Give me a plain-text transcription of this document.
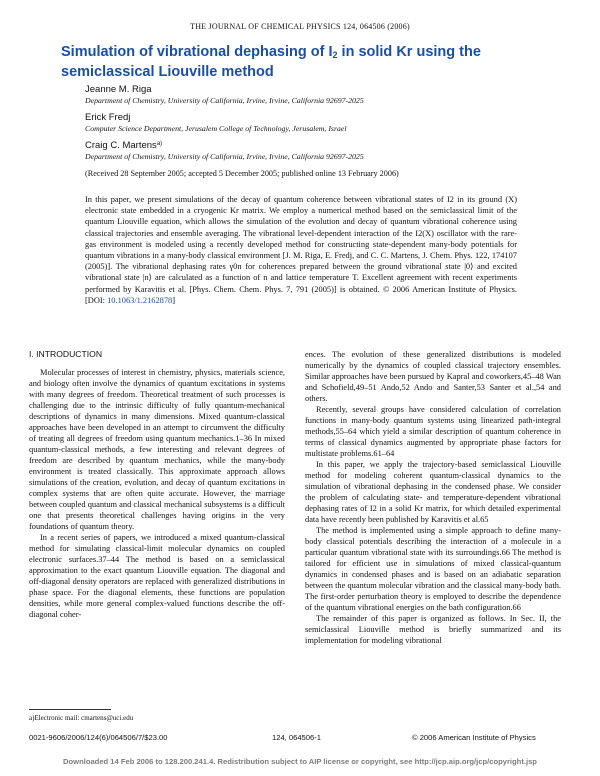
THE JOURNAL OF CHEMICAL PHYSICS 124, 064506 (2006)
Simulation of vibrational dephasing of $I_2$ in solid Kr using the semiclassical Liouville method
Jeanne M. Riga
Department of Chemistry, University of California, Irvine, Irvine, California 92697-2025
Erick Fredj
Computer Science Department, Jerusalem College of Technology, Jerusalem, Israel
Craig C. Martens$^{a)}$
Department of Chemistry, University of California, Irvine, Irvine, California 92697-2025
(Received 28 September 2005; accepted 5 December 2005; published online 13 February 2006)
In this paper, we present simulations of the decay of quantum coherence between vibrational states of I2 in its ground (X) electronic state embedded in a cryogenic Kr matrix. We employ a numerical method based on the semiclassical limit of the quantum Liouville equation, which allows the simulation of the evolution and decay of quantum vibrational coherence using classical trajectories and ensemble averaging. The vibrational level-dependent interaction of the I2(X) oscillator with the rare-gas environment is modeled using a recently developed method for constructing state-dependent many-body potentials for quantum vibrations in a many-body classical environment [J. M. Riga, E. Fredj, and C. C. Martens, J. Chem. Phys. 122, 174107 (2005)]. The vibrational dephasing rates γ0n for coherences prepared between the ground vibrational state |0⟩ and excited vibrational state |n⟩ are calculated as a function of n and lattice temperature T. Excellent agreement with recent experiments performed by Karavitis et al. [Phys. Chem. Chem. Phys. 7, 791 (2005)] is obtained. © 2006 American Institute of Physics. [DOI: 10.1063/1.2162878]
I. INTRODUCTION

Molecular processes of interest in chemistry, physics, materials science, and biology often involve the dynamics of quantum excitations in systems with many degrees of freedom. Theoretical treatment of such processes is challenging due to the intrinsic difficulty of fully quantum-mechanical descriptions of dynamics in many dimensions. Mixed quantum-classical approaches have been developed in an attempt to circumvent the difficulty of treating all degrees of freedom using quantum mechanics.1–36 In mixed quantum-classical methods, a few interesting and relevant degrees of freedom are described by quantum mechanics, while the many-body environment is treated classically. This approximate approach allows simulations of the creation, evolution, and decay of quantum excitations in complex systems that are often quite accurate. However, the marriage between coupled quantum and classical mechanical subsystems is a difficult one that presents theoretical challenges having origins in the very foundations of quantum theory.

In a recent series of papers, we introduced a mixed quantum-classical method for simulating classical-limit molecular dynamics on coupled electronic surfaces.37–44 The method is based on a semiclassical approximation to the exact quantum Liouville equation. The diagonal and off-diagonal density operators are replaced with generalized distributions in phase space. For the diagonal elements, these functions are population densities, while more general complex-valued functions describe the off-diagonal coher-

ences. The evolution of these generalized distributions is modeled numerically by the dynamics of coupled classical trajectory ensembles. Similar approaches have been pursued by Kapral and coworkers,45–48 Wan and Schofield,49–51 Ando,52 Ando and Santer,53 Santer et al.,54 and others.

Recently, several groups have considered calculation of correlation functions in many-body quantum systems using linearized path-integral methods,55–64 which yield a similar description of quantum coherence in terms of classical dynamics augmented by appropriate phase factors for multistate problems.61–64

In this paper, we apply the trajectory-based semiclassical Liouville method for modeling coherent quantum-classical dynamics to the simulation of vibrational dephasing in the condensed phase. We consider the problem of calculating state- and temperature-dependent vibrational dephasing rates of I2 in a solid Kr matrix, for which detailed experimental data have recently been published by Karavitis et al.65

The method is implemented using a simple approach to define many-body classical potentials describing the interaction of a molecule in a particular quantum vibrational state with its surroundings.66 The method is tailored for efficient use in simulations of mixed classical-quantum dynamics in condensed phases and is based on an adiabatic separation between the quantum molecular vibration and the classical many-body bath. The first-order perturbation theory is employed to describe the dependence of the quantum vibrational energies on the bath configuration.66

The remainder of this paper is organized as follows. In Sec. II, the semiclassical Liouville method is briefly summarized and its implementation for modeling vibrational

a)Electronic mail: cmartens@uci.edu
0021-9606/2006/124(6)/064506/7/$23.00	124, 064506-1	© 2006 American Institute of Physics
Downloaded 14 Feb 2006 to 128.200.241.4. Redistribution subject to AIP license or copyright, see http://jcp.aip.org/jcp/copyright.jsp
